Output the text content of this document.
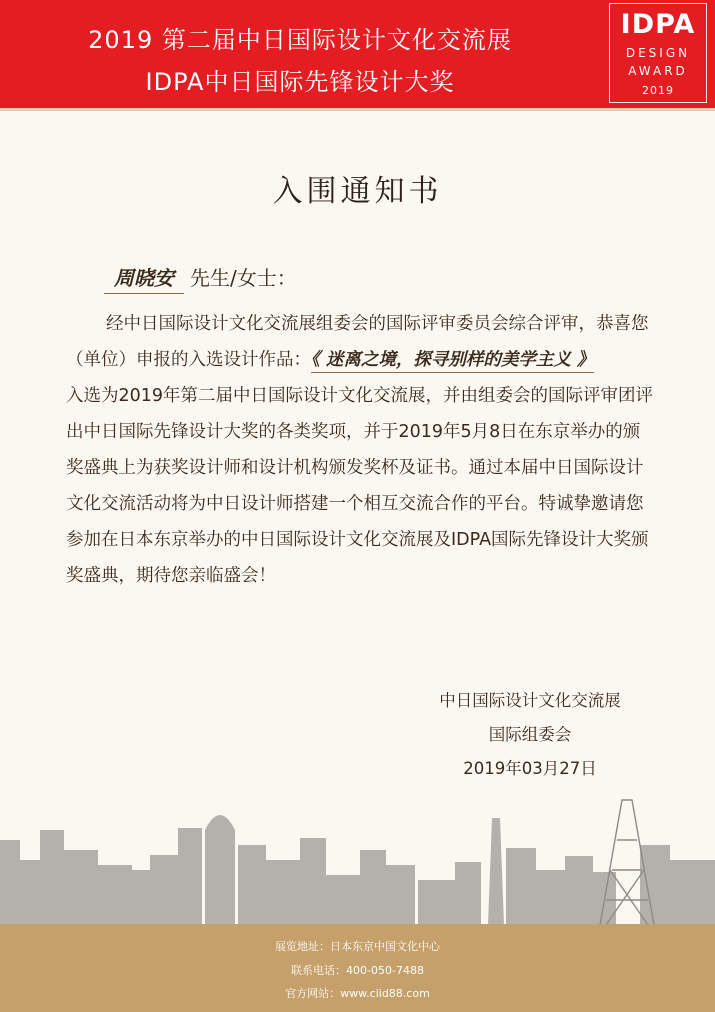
2019 第二届中日国际设计文化交流展
IDPA中日国际先锋设计大奖
IDPA
DESIGN
AWARD
2019
入围通知书
周晓安 先生/女士：
经中日国际设计文化交流展组委会的国际评审委员会综合评审，恭喜您（单位）申报的入选设计作品：《 迷离之境，探寻别样的美学主义 》
入选为2019年第二届中日国际设计文化交流展，并由组委会的国际评审团评出中日国际先锋设计大奖的各类奖项，并于2019年5月8日在东京举办的颁奖盛典上为获奖设计师和设计机构颁发奖杯及证书。通过本届中日国际设计文化交流活动将为中日设计师搭建一个相互交流合作的平台。特诚挚邀请您参加在日本东京举办的中日国际设计文化交流展及IDPA国际先锋设计大奖颁奖盛典，期待您亲临盛会！
中日国际设计文化交流展
国际组委会
2019年03月27日
展览地址：日本东京中国文化中心
联系电话：400-050-7488
官方网站：www.ciid88.com
